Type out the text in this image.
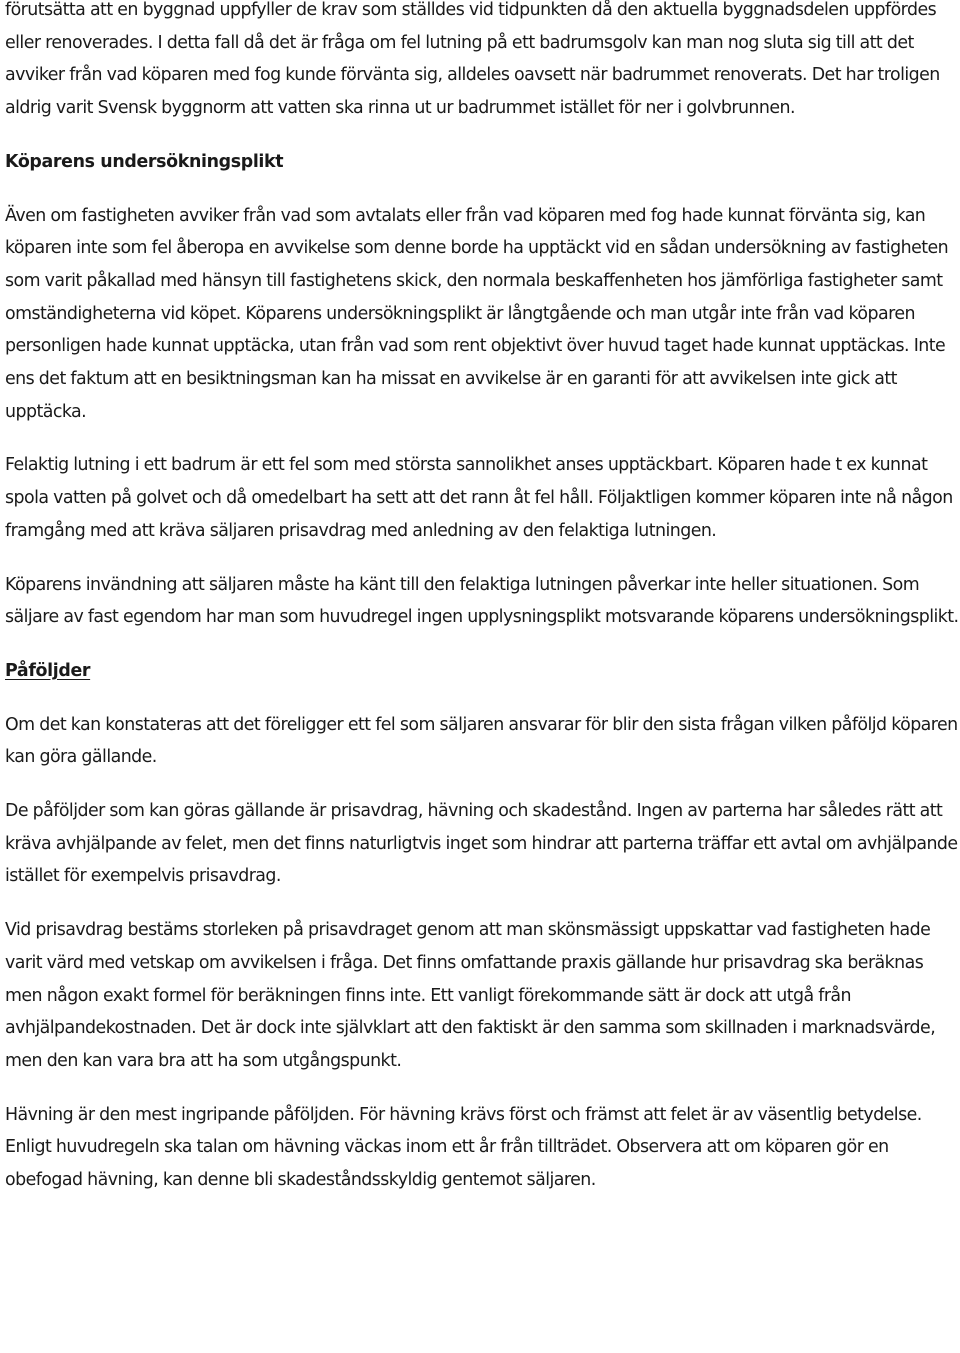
förutsätta att en byggnad uppfyller de krav som ställdes vid tidpunkten då den aktuella byggnadsdelen uppfördes eller renoverades. I detta fall då det är fråga om fel lutning på ett badrumsgolv kan man nog sluta sig till att det avviker från vad köparen med fog kunde förvänta sig, alldeles oavsett när badrummet renoverats. Det har troligen aldrig varit Svensk byggnorm att vatten ska rinna ut ur badrummet istället för ner i golvbrunnen.

Köparens undersökningsplikt

Även om fastigheten avviker från vad som avtalats eller från vad köparen med fog hade kunnat förvänta sig, kan köparen inte som fel åberopa en avvikelse som denne borde ha upptäckt vid en sådan undersökning av fastigheten som varit påkallad med hänsyn till fastighetens skick, den normala beskaffenheten hos jämförliga fastigheter samt omständigheterna vid köpet. Köparens undersökningsplikt är långtgående och man utgår inte från vad köparen personligen hade kunnat upptäcka, utan från vad som rent objektivt över huvud taget hade kunnat upptäckas. Inte ens det faktum att en besiktningsman kan ha missat en avvikelse är en garanti för att avvikelsen inte gick att upptäcka.

Felaktig lutning i ett badrum är ett fel som med största sannolikhet anses upptäckbart. Köparen hade t ex kunnat spola vatten på golvet och då omedelbart ha sett att det rann åt fel håll. Följaktligen kommer köparen inte nå någon framgång med att kräva säljaren prisavdrag med anledning av den felaktiga lutningen.

Köparens invändning att säljaren måste ha känt till den felaktiga lutningen påverkar inte heller situationen. Som säljare av fast egendom har man som huvudregel ingen upplysningsplikt motsvarande köparens undersökningsplikt.

Påföljder

Om det kan konstateras att det föreligger ett fel som säljaren ansvarar för blir den sista frågan vilken påföljd köparen kan göra gällande.

De påföljder som kan göras gällande är prisavdrag, hävning och skadestånd. Ingen av parterna har således rätt att kräva avhjälpande av felet, men det finns naturligtvis inget som hindrar att parterna träffar ett avtal om avhjälpande istället för exempelvis prisavdrag.

Vid prisavdrag bestäms storleken på prisavdraget genom att man skönsmässigt uppskattar vad fastigheten hade varit värd med vetskap om avvikelsen i fråga. Det finns omfattande praxis gällande hur prisavdrag ska beräknas men någon exakt formel för beräkningen finns inte. Ett vanligt förekommande sätt är dock att utgå från avhjälpandekostnaden. Det är dock inte självklart att den faktiskt är den samma som skillnaden i marknadsvärde, men den kan vara bra att ha som utgångspunkt.

Hävning är den mest ingripande påföljden. För hävning krävs först och främst att felet är av väsentlig betydelse. Enligt huvudregeln ska talan om hävning väckas inom ett år från tillträdet. Observera att om köparen gör en obefogad hävning, kan denne bli skadeståndsskyldig gentemot säljaren.
